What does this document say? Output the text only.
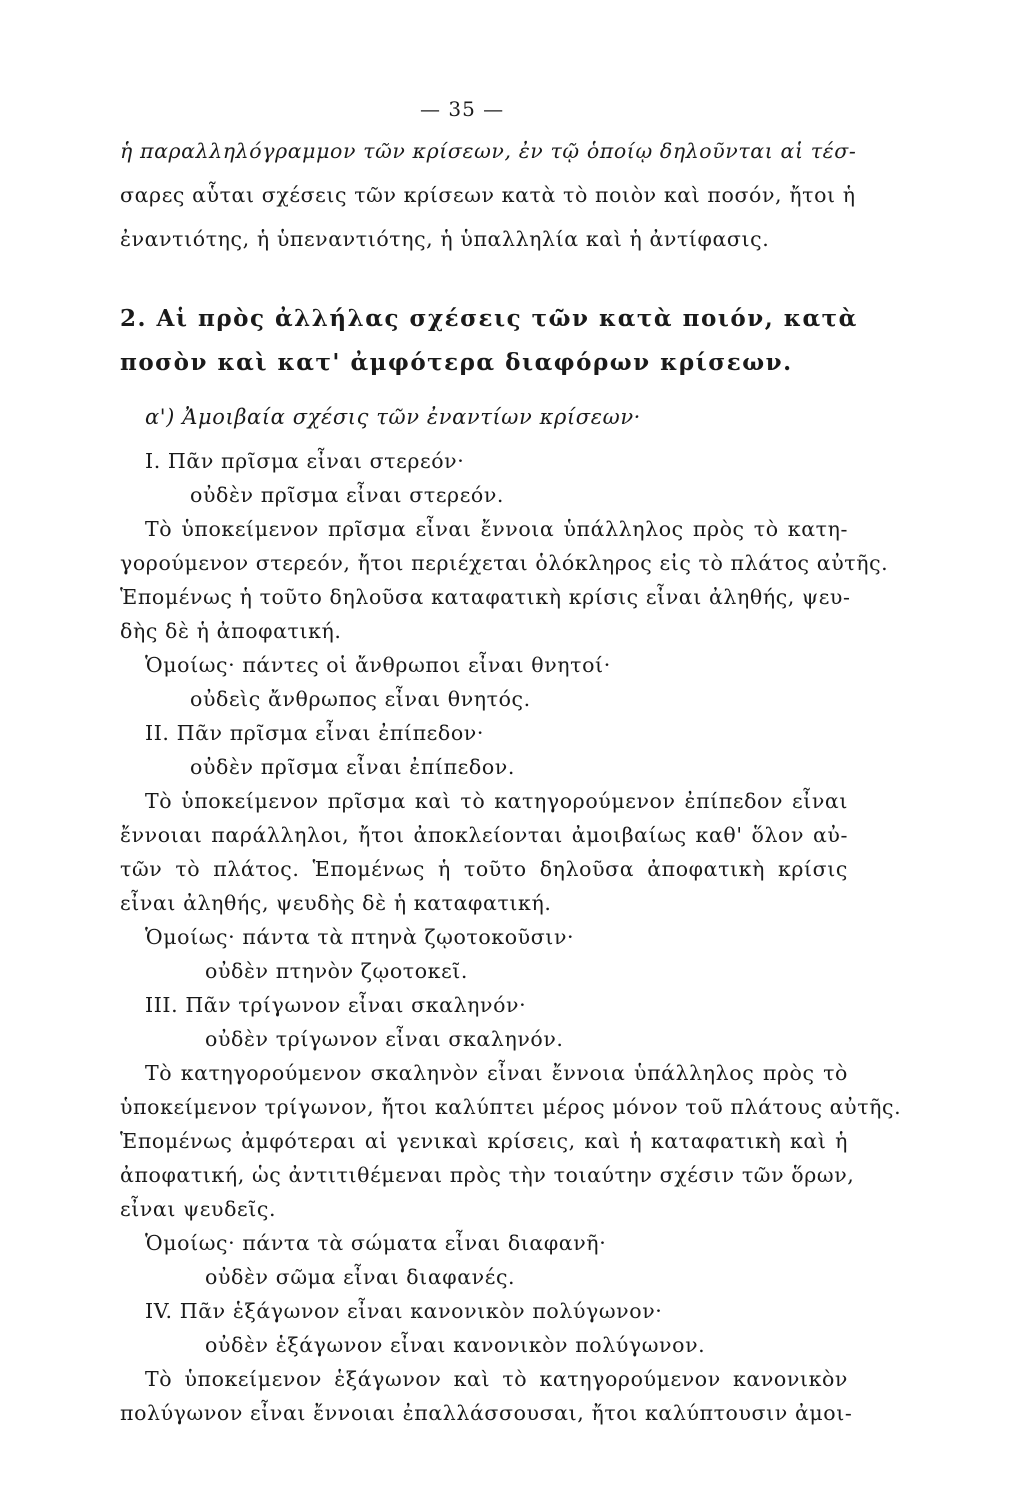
— 35 —
ἡ παραλληλόγραμμον τῶν κρίσεων, ἐν τῷ ὁποίῳ δηλοῦνται αἱ τέσ-
σαρες αὗται σχέσεις τῶν κρίσεων κατὰ τὸ ποιὸν καὶ ποσόν, ἤτοι ἡ
ἐναντιότης, ἡ ὑπεναντιότης, ἡ ὑπαλληλία καὶ ἡ ἀντίφασις.
2. Αἱ πρὸς ἀλλήλας σχέσεις τῶν κατὰ ποιόν, κατὰ
ποσὸν καὶ κατ' ἀμφότερα διαφόρων κρίσεων.
α') Ἀμοιβαία σχέσις τῶν ἐναντίων κρίσεων·
I. Πᾶν πρῖσμα εἶναι στερεόν·
οὐδὲν πρῖσμα εἶναι στερεόν.
Τὸ ὑποκείμενον πρῖσμα εἶναι ἔννοια ὑπάλληλος πρὸς τὸ κατη-
γορούμενον στερεόν, ἤτοι περιέχεται ὁλόκληρος εἰς τὸ πλάτος αὐτῆς.
Ἑπομένως ἡ τοῦτο δηλοῦσα καταφατικὴ κρίσις εἶναι ἀληθής, ψευ-
δὴς δὲ ἡ ἀποφατική.
Ὁμοίως· πάντες οἱ ἄνθρωποι εἶναι θνητοί·
οὐδεὶς ἄνθρωπος εἶναι θνητός.
II. Πᾶν πρῖσμα εἶναι ἐπίπεδον·
οὐδὲν πρῖσμα εἶναι ἐπίπεδον.
Τὸ ὑποκείμενον πρῖσμα καὶ τὸ κατηγορούμενον ἐπίπεδον εἶναι
ἔννοιαι παράλληλοι, ἤτοι ἀποκλείονται ἀμοιβαίως καθ' ὅλον αὐ-
τῶν τὸ πλάτος. Ἑπομένως ἡ τοῦτο δηλοῦσα ἀποφατικὴ κρίσις
εἶναι ἀληθής, ψευδὴς δὲ ἡ καταφατική.
Ὁμοίως· πάντα τὰ πτηνὰ ζῳοτοκοῦσιν·
οὐδὲν πτηνὸν ζῳοτοκεῖ.
III. Πᾶν τρίγωνον εἶναι σκαληνόν·
οὐδὲν τρίγωνον εἶναι σκαληνόν.
Τὸ κατηγορούμενον σκαληνὸν εἶναι ἔννοια ὑπάλληλος πρὸς τὸ
ὑποκείμενον τρίγωνον, ἤτοι καλύπτει μέρος μόνον τοῦ πλάτους αὐτῆς.
Ἑπομένως ἀμφότεραι αἱ γενικαὶ κρίσεις, καὶ ἡ καταφατικὴ καὶ ἡ
ἀποφατική, ὡς ἀντιτιθέμεναι πρὸς τὴν τοιαύτην σχέσιν τῶν ὅρων,
εἶναι ψευδεῖς.
Ὁμοίως· πάντα τὰ σώματα εἶναι διαφανῆ·
οὐδὲν σῶμα εἶναι διαφανές.
IV. Πᾶν ἑξάγωνον εἶναι κανονικὸν πολύγωνον·
οὐδὲν ἑξάγωνον εἶναι κανονικὸν πολύγωνον.
Τὸ ὑποκείμενον ἑξάγωνον καὶ τὸ κατηγορούμενον κανονικὸν
πολύγωνον εἶναι ἔννοιαι ἐπαλλάσσουσαι, ἤτοι καλύπτουσιν ἀμοι-
